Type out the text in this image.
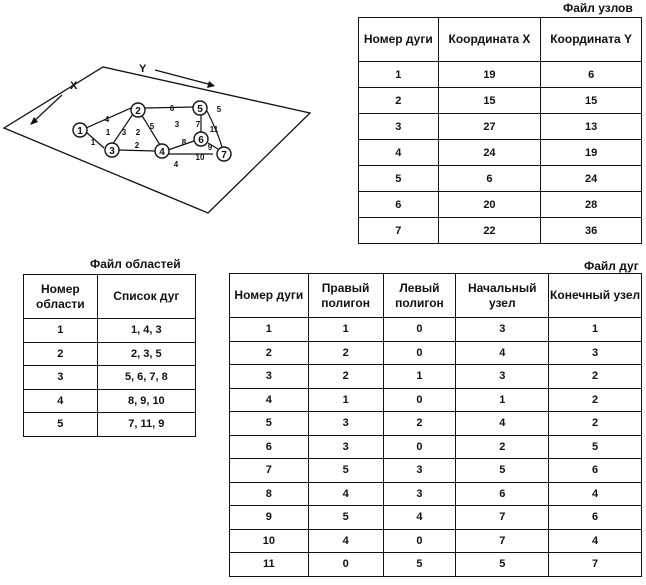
X
Y
1
2
3	4
5
6
7
1	2
3
4
5
6
7
8
9
10
11
1	2
3
4
5
Файл узлов
Номер дуги	Координата X	Координата Y
1	19	6
2	15	15
3	27	13
4	24	19
5	6	24
6	20	28
7	22	36
Файл областей
Номер области	Список дуг
1	1, 4, 3
2	2, 3, 5
3	5, 6, 7, 8
4	8, 9, 10
5	7, 11, 9
Файл дуг
Номер дуги	Правый полигон	Левый полигон	Начальный узел	Конечный узел
1	1	0	3	1
2	2	0	4	3
3	2	1	3	2
4	1	0	1	2
5	3	2	4	2
6	3	0	2	5
7	5	3	5	6
8	4	3	6	4
9	5	4	7	6
10	4	0	7	4
11	0	5	5	7
